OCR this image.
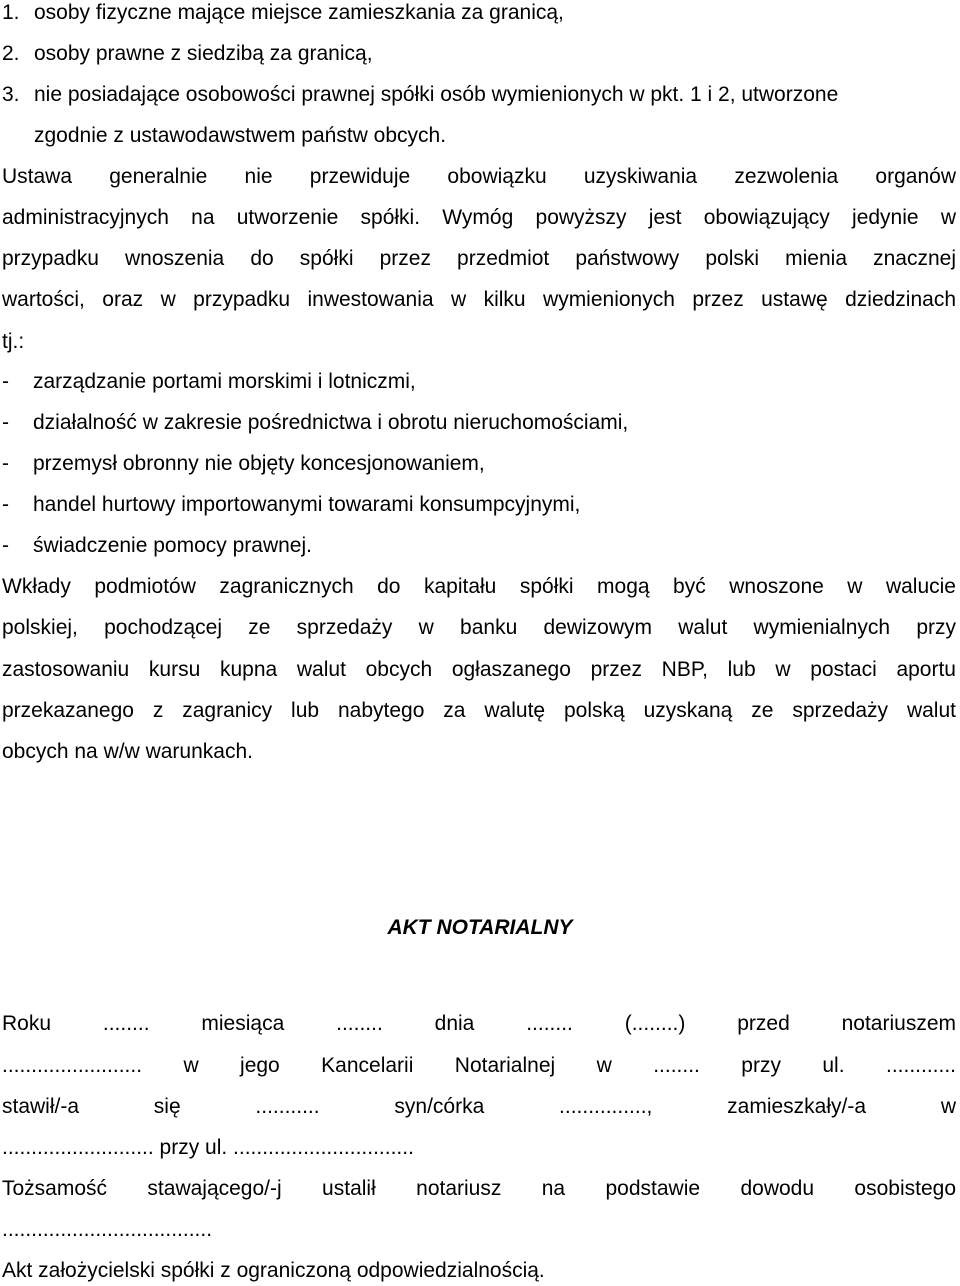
1. osoby fizyczne mające miejsce zamieszkania za granicą,
2. osoby prawne z siedzibą za granicą,
3. nie posiadające osobowości prawnej spółki osób wymienionych w pkt. 1 i 2, utworzone
zgodnie z ustawodawstwem państw obcych.
Ustawa generalnie nie przewiduje obowiązku uzyskiwania zezwolenia organów
administracyjnych na utworzenie spółki. Wymóg powyższy jest obowiązujący jedynie w
przypadku wnoszenia do spółki przez przedmiot państwowy polski mienia znacznej
wartości, oraz w przypadku inwestowania w kilku wymienionych przez ustawę dziedzinach
tj.:
- zarządzanie portami morskimi i lotniczmi,
- działalność w zakresie pośrednictwa i obrotu nieruchomościami,
- przemysł obronny nie objęty koncesjonowaniem,
- handel hurtowy importowanymi towarami konsumpcyjnymi,
- świadczenie pomocy prawnej.
Wkłady podmiotów zagranicznych do kapitału spółki mogą być wnoszone w walucie
polskiej, pochodzącej ze sprzedaży w banku dewizowym walut wymienialnych przy
zastosowaniu kursu kupna walut obcych ogłaszanego przez NBP, lub w postaci aportu
przekazanego z zagranicy lub nabytego za walutę polską uzyskaną ze sprzedaży walut
obcych na w/w warunkach.
AKT NOTARIALNY
Roku ........ miesiąca ........ dnia ........ (........) przed notariuszem
........................ w jego Kancelarii Notarialnej w ........ przy ul. ............
stawił/-a się ........... syn/córka ..............., zamieszkały/-a w
.......................... przy ul. ...............................
Tożsamość stawającego/-j ustalił notariusz na podstawie dowodu osobistego
....................................
Akt założycielski spółki z ograniczoną odpowiedzialnością.
